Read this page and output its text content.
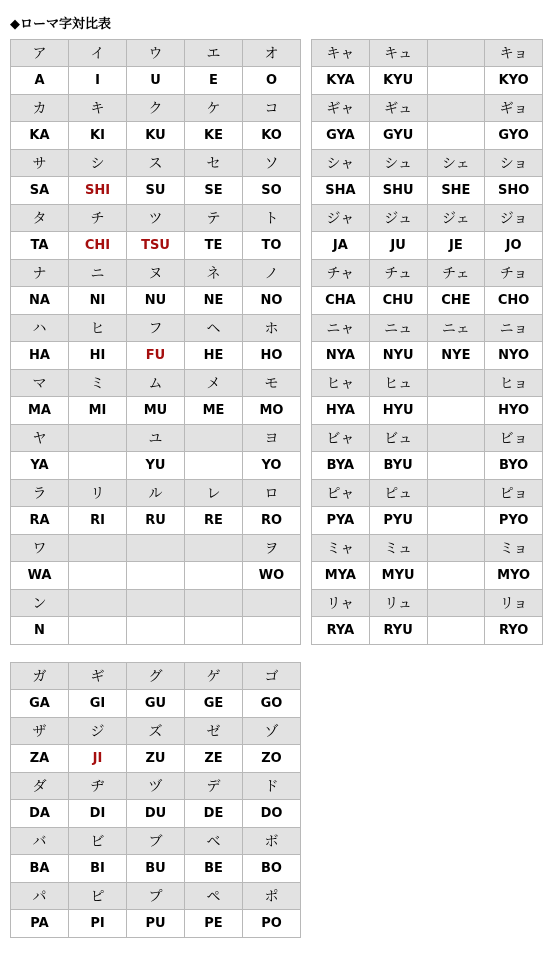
◆ローマ字対比表
ア	イ	ウ	エ	オ
A	I	U	E	O
カ	キ	ク	ケ	コ
KA	KI	KU	KE	KO
サ	シ	ス	セ	ソ
SA	SHI	SU	SE	SO
タ	チ	ツ	テ	ト
TA	CHI	TSU	TE	TO
ナ	ニ	ヌ	ネ	ノ
NA	NI	NU	NE	NO
ハ	ヒ	フ	ヘ	ホ
HA	HI	FU	HE	HO
マ	ミ	ム	メ	モ
MA	MI	MU	ME	MO
ヤ		ユ		ヨ
YA		YU		YO
ラ	リ	ル	レ	ロ
RA	RI	RU	RE	RO
ワ				ヲ
WA				WO
ン				
N				
キャ	キュ		キョ
KYA	KYU		KYO
ギャ	ギュ		ギョ
GYA	GYU		GYO
シャ	シュ	シェ	ショ
SHA	SHU	SHE	SHO
ジャ	ジュ	ジェ	ジョ
JA	JU	JE	JO
チャ	チュ	チェ	チョ
CHA	CHU	CHE	CHO
ニャ	ニュ	ニェ	ニョ
NYA	NYU	NYE	NYO
ヒャ	ヒュ		ヒョ
HYA	HYU		HYO
ビャ	ビュ		ビョ
BYA	BYU		BYO
ピャ	ピュ		ピョ
PYA	PYU		PYO
ミャ	ミュ		ミョ
MYA	MYU		MYO
リャ	リュ		リョ
RYA	RYU		RYO
ガ	ギ	グ	ゲ	ゴ
GA	GI	GU	GE	GO
ザ	ジ	ズ	ゼ	ゾ
ZA	JI	ZU	ZE	ZO
ダ	ヂ	ヅ	デ	ド
DA	DI	DU	DE	DO
バ	ビ	ブ	ベ	ボ
BA	BI	BU	BE	BO
パ	ピ	プ	ペ	ポ
PA	PI	PU	PE	PO
